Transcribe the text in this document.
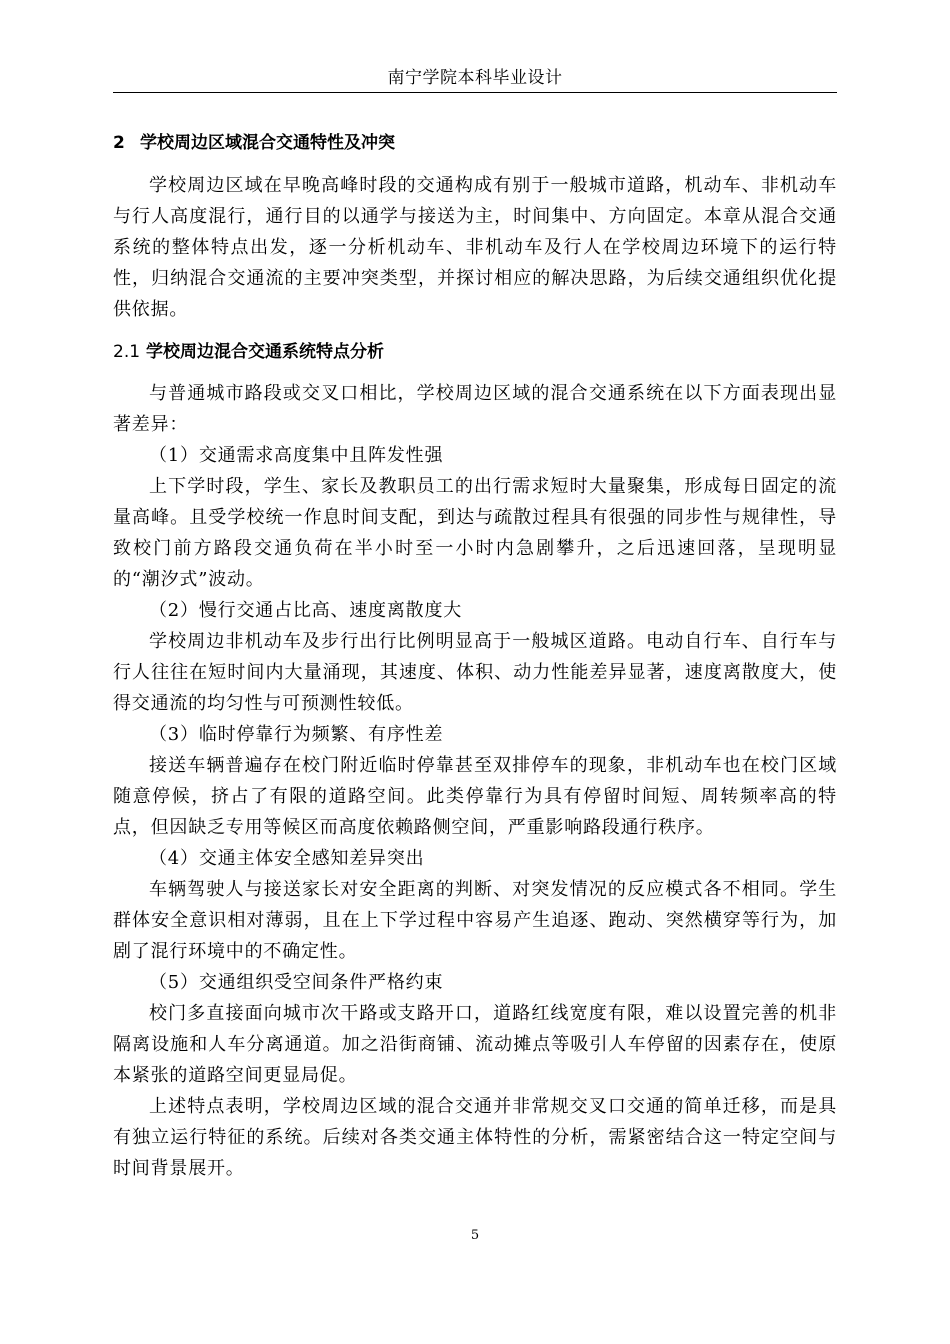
南宁学院本科毕业设计
2 学校周边区域混合交通特性及冲突

学校周边区域在早晚高峰时段的交通构成有别于一般城市道路，机动车、非机动车与行人高度混行，通行目的以通学与接送为主，时间集中、方向固定。本章从混合交通系统的整体特点出发，逐一分析机动车、非机动车及行人在学校周边环境下的运行特性，归纳混合交通流的主要冲突类型，并探讨相应的解决思路，为后续交通组织优化提供依据。

2.1 学校周边混合交通系统特点分析

与普通城市路段或交叉口相比，学校周边区域的混合交通系统在以下方面表现出显著差异：

（1）交通需求高度集中且阵发性强

上下学时段，学生、家长及教职员工的出行需求短时大量聚集，形成每日固定的流量高峰。且受学校统一作息时间支配，到达与疏散过程具有很强的同步性与规律性，导致校门前方路段交通负荷在半小时至一小时内急剧攀升，之后迅速回落，呈现明显的“潮汐式”波动。

（2）慢行交通占比高、速度离散度大

学校周边非机动车及步行出行比例明显高于一般城区道路。电动自行车、自行车与行人往往在短时间内大量涌现，其速度、体积、动力性能差异显著，速度离散度大，使得交通流的均匀性与可预测性较低。

（3）临时停靠行为频繁、有序性差

接送车辆普遍存在校门附近临时停靠甚至双排停车的现象，非机动车也在校门区域随意停候，挤占了有限的道路空间。此类停靠行为具有停留时间短、周转频率高的特点，但因缺乏专用等候区而高度依赖路侧空间，严重影响路段通行秩序。

（4）交通主体安全感知差异突出

车辆驾驶人与接送家长对安全距离的判断、对突发情况的反应模式各不相同。学生群体安全意识相对薄弱，且在上下学过程中容易产生追逐、跑动、突然横穿等行为，加剧了混行环境中的不确定性。

（5）交通组织受空间条件严格约束

校门多直接面向城市次干路或支路开口，道路红线宽度有限，难以设置完善的机非隔离设施和人车分离通道。加之沿街商铺、流动摊点等吸引人车停留的因素存在，使原本紧张的道路空间更显局促。

上述特点表明，学校周边区域的混合交通并非常规交叉口交通的简单迁移，而是具有独立运行特征的系统。后续对各类交通主体特性的分析，需紧密结合这一特定空间与时间背景展开。

5
